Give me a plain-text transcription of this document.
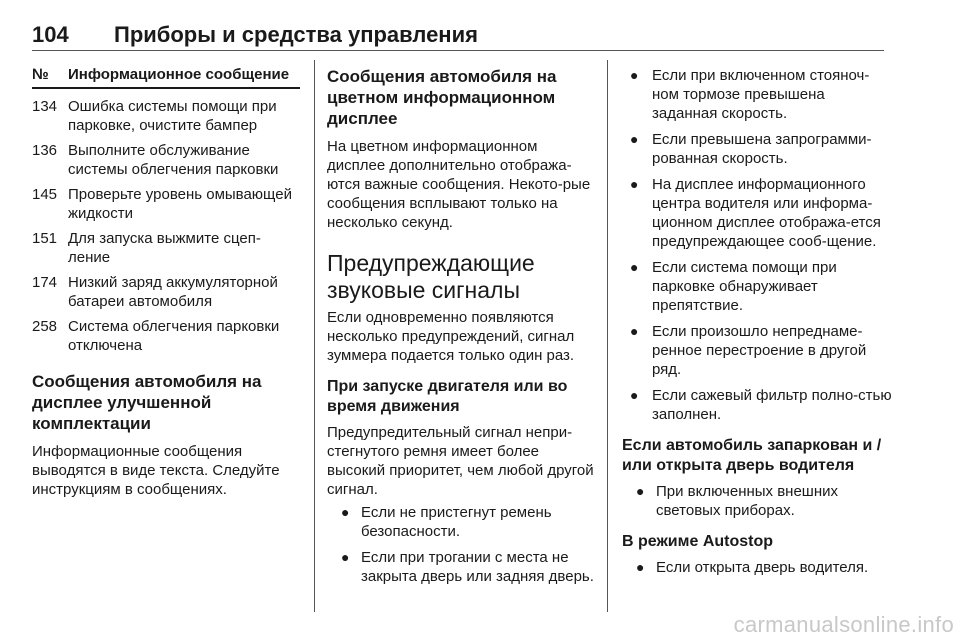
104	Приборы и средства управления
№	Информационное сообщение
134 Ошибка системы помощи при парковке, очистите бампер
136 Выполните обслуживание системы облегчения парковки
145 Проверьте уровень омывающей жидкости
151 Для запуска выжмите сцеп-ление
174 Низкий заряд аккумуляторной батареи автомобиля
258 Система облегчения парковки отключена
Сообщения автомобиля на дисплее улучшенной комплектации

Информационные сообщения выводятся в виде текста. Следуйте инструкциям в сообщениях.

Сообщения автомобиля на цветном информационном дисплее

На цветном информационном дисплее дополнительно отобража-ются важные сообщения. Некото-рые сообщения всплывают только на несколько секунд.

Предупреждающие звуковые сигналы

Если одновременно появляются несколько предупреждений, сигнал зуммера подается только один раз.

При запуске двигателя или во время движения

Предупредительный сигнал непри-стегнутого ремня имеет более высокий приоритет, чем любой другой сигнал.

● Если не пристегнут ремень безопасности.
● Если при трогании с места не закрыта дверь или задняя дверь.
● Если при включенном стояноч-ном тормозе превышена заданная скорость.
● Если превышена запрограмми-рованная скорость.
● На дисплее информационного центра водителя или информа-ционном дисплее отобража-ется предупреждающее сооб-щение.
● Если система помощи при парковке обнаруживает препятствие.
● Если произошло непреднаме-ренное перестроение в другой ряд.
● Если сажевый фильтр полно-стью заполнен.
Если автомобиль запаркован и / или открыта дверь водителя
● При включенных внешних световых приборах.
В режиме Autostop
● Если открыта дверь водителя.
carmanualsonline.info
